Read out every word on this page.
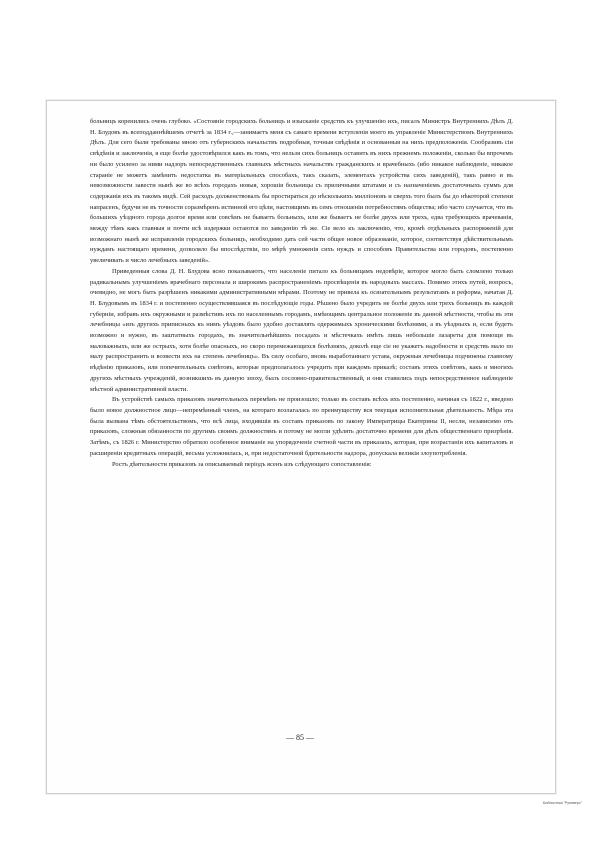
больницъ коренились очень глубоко. «Состояніе городскихъ больницъ и изысканіе средствъ къ улучшенію ихъ, писалъ Министръ Внутреннихъ Дѣлъ Д. Н. Блудовъ въ всеподданнѣйшемъ отчетѣ за 1834 г.,—занимаетъ меня съ самаго времени вступленія моего въ управленіе Министерствомъ Внутреннихъ Дѣлъ. Для сего были требованы мною отъ губернскихъ начальствъ подробныя, точныя свѣдѣнія и основанныя на нихъ предположенія. Сообразивъ сіи свѣдѣнія и заключенія, я еще болѣе удостовѣрился какъ въ томъ, что нельзя сихъ больницъ оставить въ нихъ прежнемъ положеніи, сколько бы впрочемъ ни было усилено за ними надзоръ непосредственныхъ главныхъ мѣстныхъ начальствъ гражданскихъ и врачебныхъ (ибо никакое наблюденіе, никакое стараніе не можетъ замѣнить недостатка въ матеріальныхъ способахъ, такъ сказать, элементахъ устройства сихъ заведеній), такъ равно и въ невозможности завести нынѣ же во всѣхъ городахъ новыя, хорошія больницы съ приличными штатами и съ назначеніемъ достаточныхъ суммъ для содержанія ихъ въ такомъ видѣ. Сей расходъ долженствовалъ бы простираться до нѣсколькихъ милліоновъ и сверхъ того былъ бы до нѣкоторой степени напрасенъ, будучи не въ точности соразмѣренъ истинной его цѣли, настоящимъ въ семъ отношеніи потребностямъ общества; ибо часто случается, что въ большихъ уѣздного города долгое время или совсѣмъ не бываетъ больныхъ, или же бываетъ не болѣе двухъ или трехъ, едва требующихъ врачеванія, между тѣмъ какъ главныя и почти всѣ издержки остаются по заведенію тѣ же. Сіе вело къ заключенію, что, кромѣ отдѣльныхъ распоряженій для возможнаго нынѣ же исправленія городскихъ больницъ, необходимо дать сей части общее новое образованіе, которое, соответствуя дѣйствительнымъ нуждамъ настоящаго времени, дозволяло бы впослѣдствіи, по мѣрѣ умноженія сихъ нуждъ и способовъ Правительства или городовъ, постепенно увеличивать и число лечебныхъ заведеній».

Приведенныя слова Д. Н. Блудова ясно показываютъ, что населеніе питало къ больницамъ недовѣріе, которое могло быть сломлено только радикальнымъ улучшеніемъ врачебнаго персонала и широкимъ распространеніемъ просвѣщенія въ народныхъ массахъ. Помимо этихъ путей, вопросъ, очевидно, не могъ быть разрѣшенъ никакими административными мѣрами. Поэтому не привела къ осязательнымъ результатамъ и реформа, начатая Д. Н. Блудовымъ въ 1834 г. и постепенно осуществлявшаяся въ послѣдующіе годы. Рѣшено было учредить не болѣе двухъ или трехъ больницъ въ каждой губерніи, избравъ ихъ окружными и размѣстивъ ихъ по населеннымъ городамъ, имѣющимъ центральное положеніе въ данной мѣстности, чтобы въ эти лечебницы «изъ другихъ приписныхъ къ нимъ уѣздовъ было удобно доставлять одержимыхъ хроническими болѣзнями, а въ уѣздныхъ и, если будетъ возможно и нужно, въ заштатныхъ городахъ, въ значительнѣйшихъ посадахъ и мѣстечкахъ имѣть лишь небольшіе лазареты для помощи въ маловажныхъ, или же острыхъ, хотя болѣе опасныхъ, но скоро перемежающихся болѣзняхъ, доколѣ еще сіе не укажетъ надобности и средствъ мало по малу распространить и возвести ихъ на степень лечебницъ». Въ силу особаго, вновь выработаннаго устава, окружныя лечебницы подчинены главному вѣдѣнію приказовъ, или попечительныхъ совѣтовъ, которые предполагалось учредить при каждомъ приказѣ; составъ этихъ совѣтовъ, какъ и многихъ другихъ мѣстныхъ учрежденій, возникшихъ въ данную эпоху, былъ сословно-правительственный, и они ставились подъ непосредственное наблюденіе мѣстной административной власти.

Въ устройствѣ самыхъ приказовъ значительныхъ перемѣнъ не произошло; только въ составъ всѣхъ ихъ постепенно, начиная съ 1822 г., введено было новое должностное лицо—непремѣнный членъ, на котораго возлагалась по преимуществу вся текущая исполнительная дѣятельность. Мѣра эта была вызвана тѣмъ обстоятельствомъ, что всѣ лица, входившія въ составъ приказовъ по закону Императрицы Екатерины II, несли, независимо отъ приказовъ, сложныя обязанности по другимъ своимъ должностямъ и потому не могли удѣлять достаточно времени для дѣлъ общественнаго призрѣнія. Затѣмъ, съ 1826 г. Министерство обратило особенное вниманіе на упорядоченіе счетной части въ приказахъ, которая, при возрастаніи ихъ капиталовъ и расширеніи кредитныхъ операцій, весьма усложнилась, и, при недостаточной бдительности надзора, допускала великія злоупотребленія.

Ростъ дѣятельности приказовъ за описываемый періодъ ясенъ изъ слѣдующаго сопоставленія:

— 85 —
Библиотека "Руниверс"
